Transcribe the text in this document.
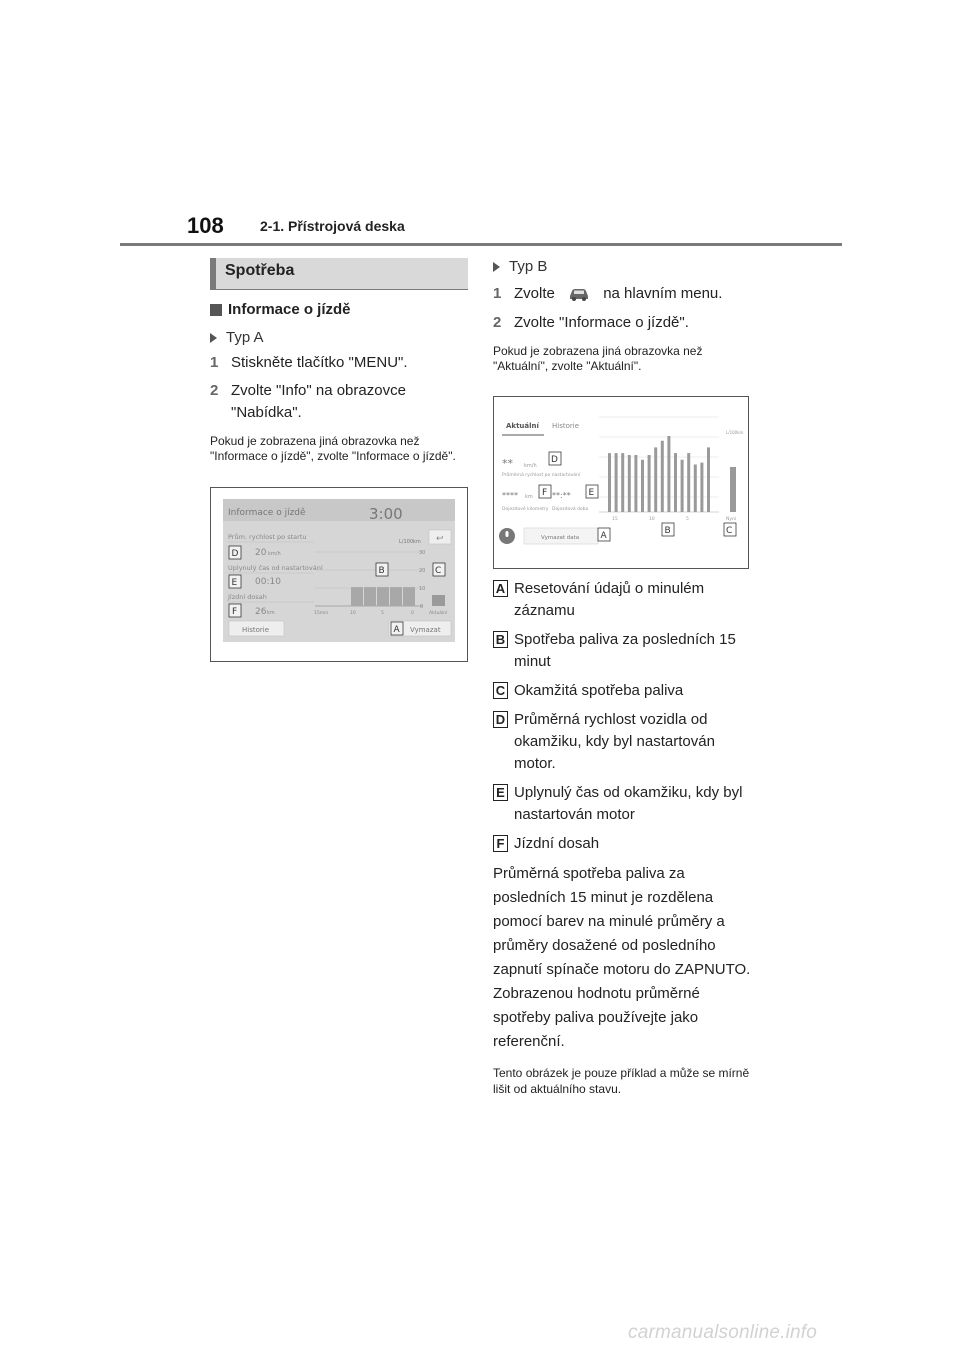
108	2-1. Přístrojová deska
Spotřeba
Informace o jízdě
Typ A
1 Stiskněte tlačítko "MENU".
2 Zvolte "Info" na obrazovce "Nabídka".
Pokud je zobrazena jiná obrazovka než "Informace o jízdě", zvolte "Informace o jízdě".
Informace o jízdě	3:00
Prům. rychlost po startu
20 km/h
Uplynulý čas od nastartování
00:10
Jízdní dosah
26 km
Historie	Vymazat
↩
L/100km
30
20
10
0
15min	10	5	0	Aktuální
D
E
F
B	C
A
Typ B
1 Zvolte	na hlavním menu.
2 Zvolte "Informace o jízdě".
Pokud je zobrazena jiná obrazovka než "Aktuální", zvolte "Aktuální".
Aktuální Historie
** km/h
Průměrná rychlost po nastartování
**** km **:**
Dojezdové kilometry Dojezdová doba
Vymazat data
L/100km
15	10	5	Nyní
D
F	E
A	B	C
A Resetování údajů o minulém záznamu
B Spotřeba paliva za posledních 15 minut
C Okamžitá spotřeba paliva
D Průměrná rychlost vozidla od okamžiku, kdy byl nastartován motor.
E Uplynulý čas od okamžiku, kdy byl nastartován motor
F Jízdní dosah
Průměrná spotřeba paliva za posledních 15 minut je rozdělena pomocí barev na minulé průměry a průměry dosažené od posledního zapnutí spínače motoru do ZAPNUTO. Zobrazenou hodnotu průměrné spotřeby paliva používejte jako referenční.
Tento obrázek je pouze příklad a může se mírně lišit od aktuálního stavu.
carmanualsonline.info
